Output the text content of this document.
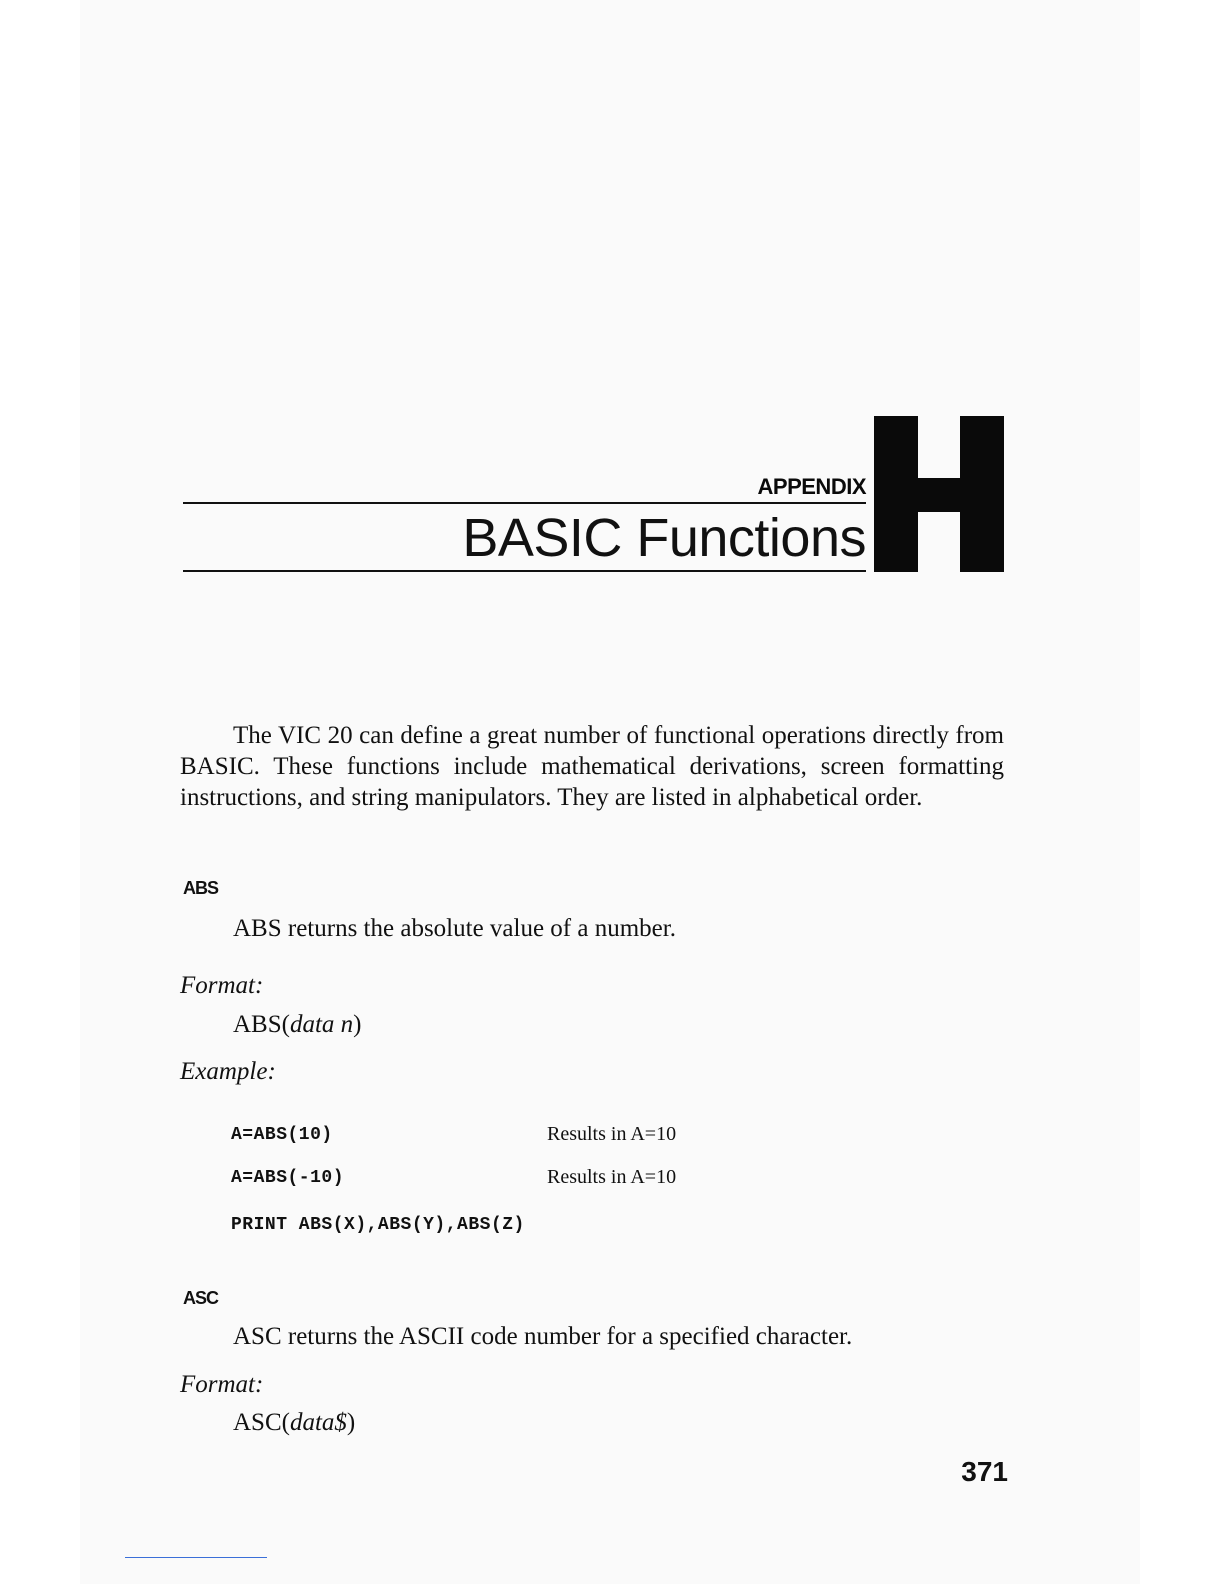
APPENDIX
BASIC Functions

The VIC 20 can define a great number of functional operations directly from BASIC. These functions include mathematical derivations, screen formatting instructions, and string manipulators. They are listed in alphabetical order.

ABS
ABS returns the absolute value of a number.
Format:
ABS(data n)
Example:
A=ABS(10)	Results in A=10
A=ABS(-10)	Results in A=10
PRINT ABS(X),ABS(Y),ABS(Z)
ASC
ASC returns the ASCII code number for a specified character.
Format:
ASC(data$)
371
